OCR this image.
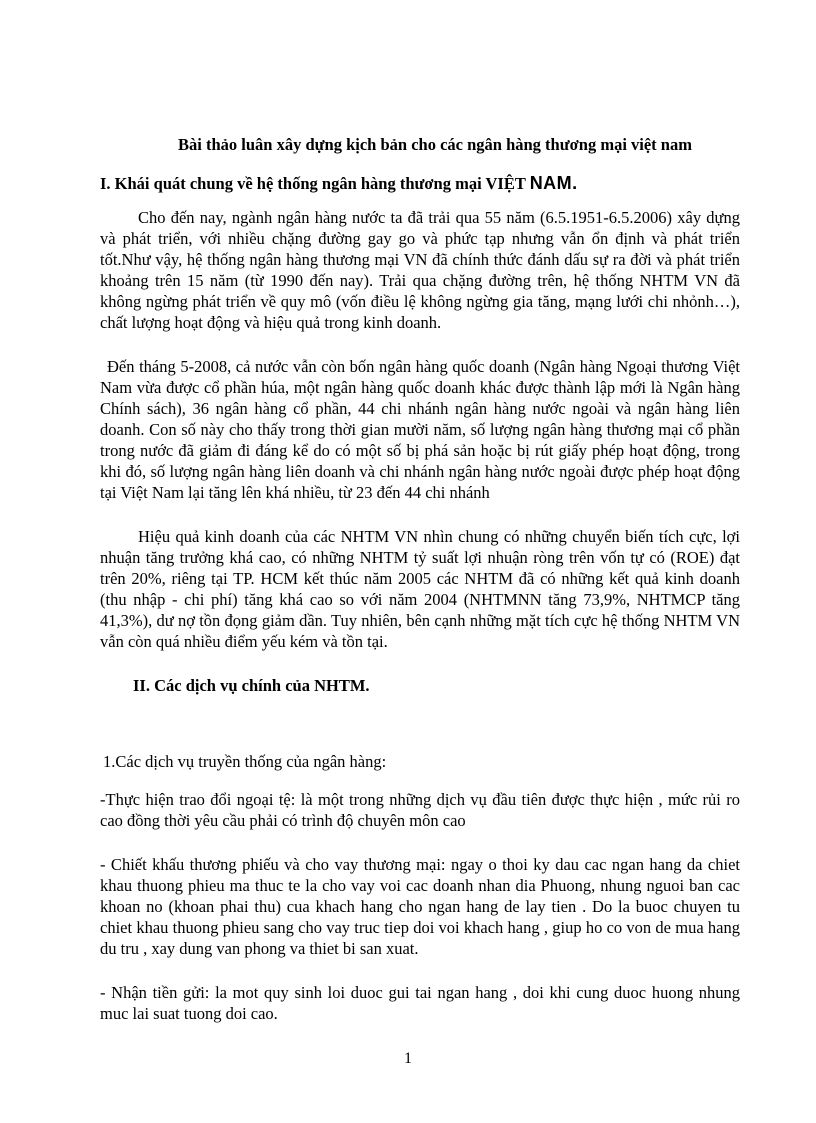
Bài thảo luân xây dựng kịch bản cho các ngân hàng thương mại việt nam
I. Khái quát chung về hệ thống ngân hàng thương mại VIỆT NAM.

Cho đến nay, ngành ngân hàng nước ta đã trải qua 55 năm (6.5.1951-6.5.2006) xây dựng và phát triển, với nhiều chặng đường gay go và phức tạp nhưng vẫn ổn định và phát triển tốt.Như vậy, hệ thống ngân hàng thương mại VN đã chính thức đánh dấu sự ra đời và phát triển khoảng trên 15 năm (từ 1990 đến nay). Trải qua chặng đường trên, hệ thống NHTM VN đã không ngừng phát triển về quy mô (vốn điều lệ không ngừng gia tăng, mạng lưới chi nhỏnh…), chất lượng hoạt động và hiệu quả trong kinh doanh.

Đến tháng 5-2008, cả nước vẫn còn bốn ngân hàng quốc doanh (Ngân hàng Ngoại thương Việt Nam vừa được cổ phần húa, một ngân hàng quốc doanh khác được thành lập mới là Ngân hàng Chính sách), 36 ngân hàng cổ phần, 44 chi nhánh ngân hàng nước ngoài và ngân hàng liên doanh. Con số này cho thấy trong thời gian mười năm, số lượng ngân hàng thương mại cổ phần trong nước đã giảm đi đáng kể do có một số bị phá sản hoặc bị rút giấy phép hoạt động, trong khi đó, số lượng ngân hàng liên doanh và chi nhánh ngân hàng nước ngoài được phép hoạt động tại Việt Nam lại tăng lên khá nhiều, từ 23 đến 44 chi nhánh

Hiệu quả kinh doanh của các NHTM VN nhìn chung có những chuyển biến tích cực, lợi nhuận tăng trưởng khá cao, có những NHTM tỷ suất lợi nhuận ròng trên vốn tự có (ROE) đạt trên 20%, riêng tại TP. HCM kết thúc năm 2005 các NHTM đã có những kết quả kinh doanh (thu nhập - chi phí) tăng khá cao so với năm 2004 (NHTMNN tăng 73,9%, NHTMCP tăng 41,3%), dư nợ tồn đọng giảm dần. Tuy nhiên, bên cạnh những mặt tích cực hệ thống NHTM VN vẫn còn quá nhiều điểm yếu kém và tồn tại.

II. Các dịch vụ chính của NHTM.
1.Các dịch vụ truyền thống của ngân hàng:

-Thực hiện trao đổi ngoại tệ: là một trong những dịch vụ đầu tiên được thực hiện , mức rủi ro cao đồng thời yêu cầu phải có trình độ chuyên môn cao

- Chiết khấu thương phiếu và cho vay thương mại: ngay o thoi ky dau cac ngan hang da chiet khau thuong phieu ma thuc te la cho vay voi cac doanh nhan dia Phuong, nhung nguoi ban cac khoan no (khoan phai thu) cua khach hang cho ngan hang de lay tien . Do la buoc chuyen tu chiet khau thuong phieu sang cho vay truc tiep doi voi khach hang , giup ho co von de mua hang du tru , xay dung van phong va thiet bi san xuat.

- Nhận tiền gửi: la mot quy sinh loi duoc gui tai ngan hang , doi khi cung duoc huong nhung muc lai suat tuong doi cao.

1
